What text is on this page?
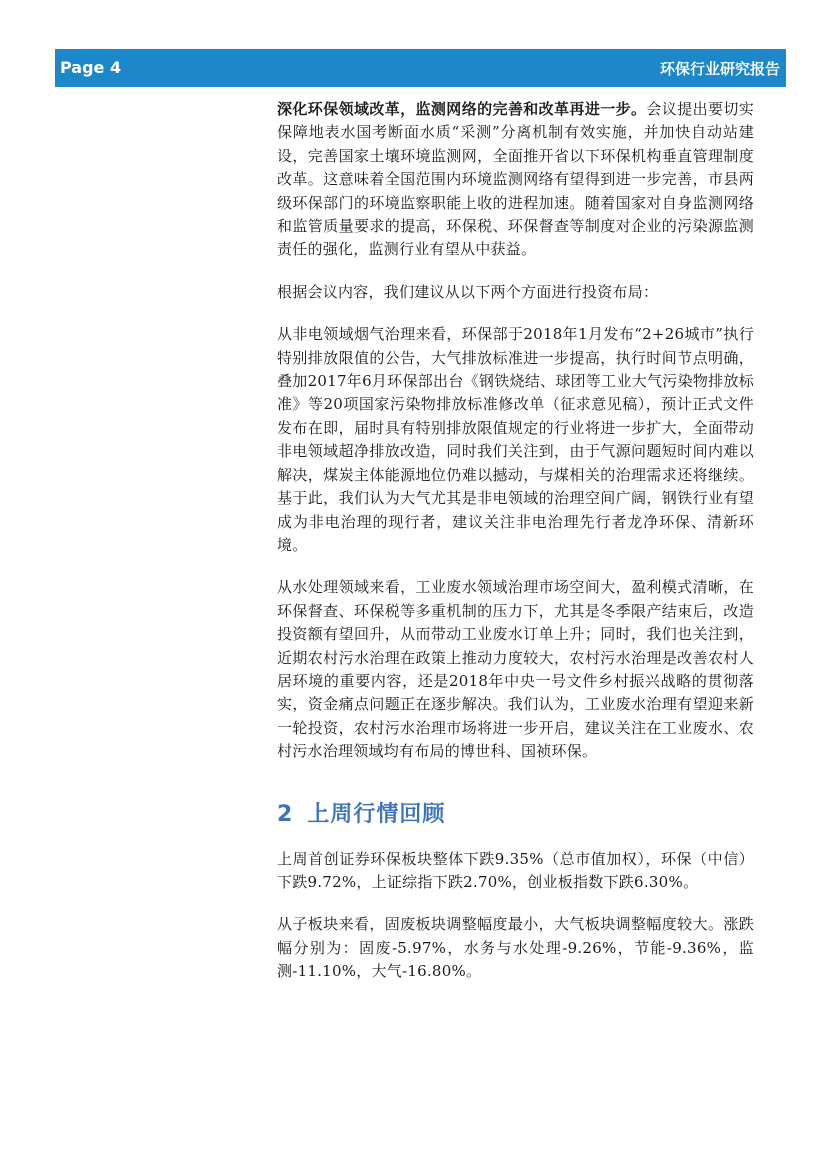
Page 4	环保行业研究报告

深化环保领域改革，监测网络的完善和改革再进一步。会议提出要切实保障地表水国考断面水质“采测”分离机制有效实施，并加快自动站建设，完善国家土壤环境监测网，全面推开省以下环保机构垂直管理制度改革。这意味着全国范围内环境监测网络有望得到进一步完善，市县两级环保部门的环境监察职能上收的进程加速。随着国家对自身监测网络和监管质量要求的提高，环保税、环保督查等制度对企业的污染源监测责任的强化，监测行业有望从中获益。

根据会议内容，我们建议从以下两个方面进行投资布局：

从非电领域烟气治理来看，环保部于2018年1月发布“2+26城市”执行特别排放限值的公告，大气排放标准进一步提高，执行时间节点明确，叠加2017年6月环保部出台《钢铁烧结、球团等工业大气污染物排放标准》等20项国家污染物排放标准修改单（征求意见稿），预计正式文件发布在即，届时具有特别排放限值规定的行业将进一步扩大，全面带动非电领域超净排放改造，同时我们关注到，由于气源问题短时间内难以解决，煤炭主体能源地位仍难以撼动，与煤相关的治理需求还将继续。基于此，我们认为大气尤其是非电领域的治理空间广阔，钢铁行业有望成为非电治理的现行者，建议关注非电治理先行者龙净环保、清新环境。

从水处理领域来看，工业废水领域治理市场空间大，盈利模式清晰，在环保督查、环保税等多重机制的压力下，尤其是冬季限产结束后，改造投资额有望回升，从而带动工业废水订单上升；同时，我们也关注到，近期农村污水治理在政策上推动力度较大，农村污水治理是改善农村人居环境的重要内容，还是2018年中央一号文件乡村振兴战略的贯彻落实，资金痛点问题正在逐步解决。我们认为，工业废水治理有望迎来新一轮投资，农村污水治理市场将进一步开启，建议关注在工业废水、农村污水治理领域均有布局的博世科、国祯环保。

2 上周行情回顾

上周首创证券环保板块整体下跌9.35%（总市值加权），环保（中信）下跌9.72%，上证综指下跌2.70%，创业板指数下跌6.30%。

从子板块来看，固废板块调整幅度最小，大气板块调整幅度较大。涨跌幅分别为：固废-5.97%，水务与水处理-9.26%，节能-9.36%，监测-11.10%，大气-16.80%。
